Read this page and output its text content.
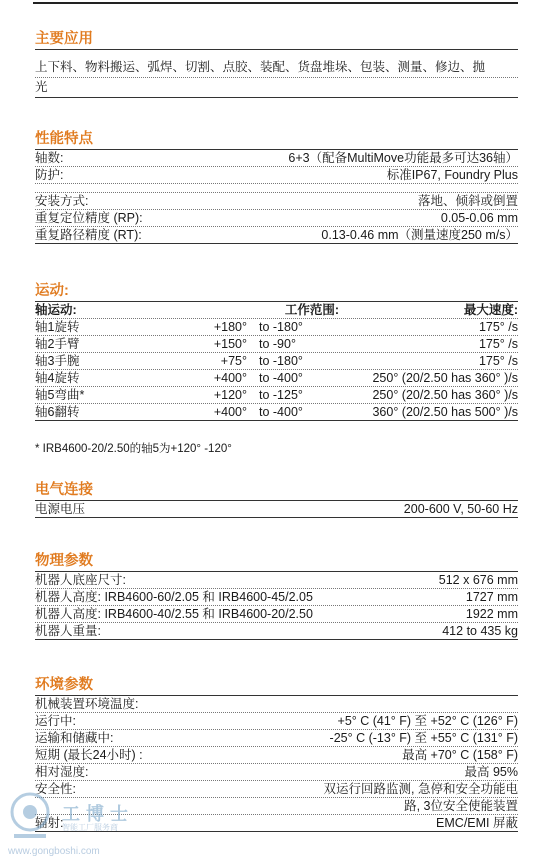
主要应用
上下料、物料搬运、弧焊、切割、点胶、装配、货盘堆垛、包装、测量、修边、抛
光
性能特点
轴数:	6+3（配备MultiMove功能最多可达36轴）
防护:	标准IP67, Foundry Plus
安装方式:	落地、倾斜或倒置
重复定位精度 (RP):	0.05-0.06 mm
重复路径精度 (RT):	0.13-0.46 mm（测量速度250 m/s）
运动:
轴运动:	工作范围:	最大速度:
轴1旋转	+180° to -180°	175° /s
轴2手臂	+150° to -90°	175° /s
轴3手腕	+75° to -180°	175° /s
轴4旋转	+400° to -400°	250° (20/2.50 has 360° )/s
轴5弯曲*	+120° to -125°	250° (20/2.50 has 360° )/s
轴6翻转	+400° to -400°	360° (20/2.50 has 500° )/s
* IRB4600-20/2.50的轴5为+120° -120°
电气连接
电源电压	200-600 V, 50-60 Hz
物理参数
机器人底座尺寸:	512 x 676 mm
机器人高度: IRB4600-60/2.05 和 IRB4600-45/2.05	1727 mm
机器人高度: IRB4600-40/2.55 和 IRB4600-20/2.50	1922 mm
机器人重量:	412 to 435 kg
环境参数
机械装置环境温度:
运行中:	+5° C (41° F) 至 +52° C (126° F)
运输和储藏中:	-25° C (-13° F) 至 +55° C (131° F)
短期 (最长24小时) :	最高 +70° C (158° F)
相对湿度:	最高 95%
安全性:	双运行回路监测, 急停和安全功能电
路, 3位安全使能装置
辐射:	EMC/EMI 屏蔽
工博士
智能工厂服务商
www.gongboshi.com
